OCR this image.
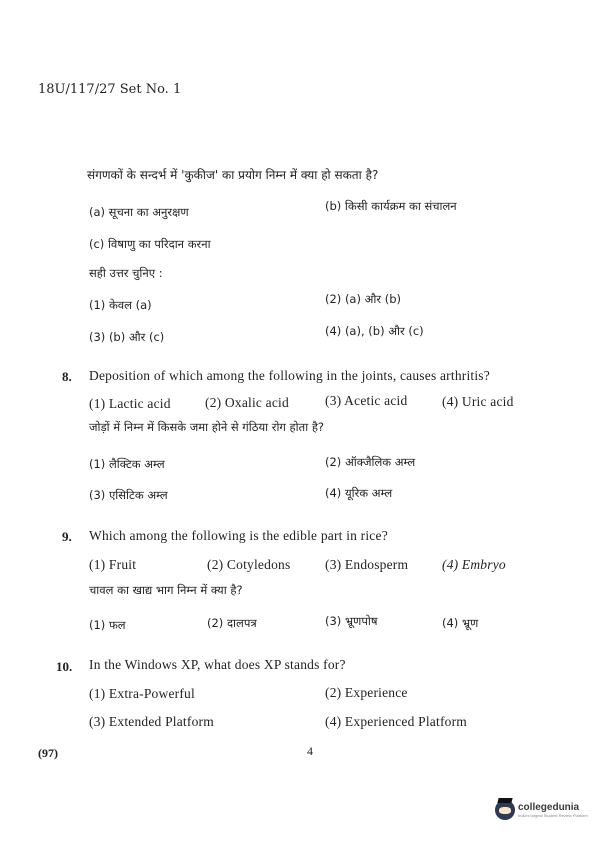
18U/117/27 Set No. 1
संगणकों के सन्दर्भ में 'कुकीज' का प्रयोग निम्न में क्या हो सकता है?
(a) सूचना का अनुरक्षण	(b) किसी कार्यक्रम का संचालन
(c) विषाणु का परिदान करना
सही उत्तर चुनिए :
(1) केवल (a)	(2) (a) और (b)
(3) (b) और (c)	(4) (a), (b) और (c)
8. Deposition of which among the following in the joints, causes arthritis?
(1) Lactic acid	(2) Oxalic acid	(3) Acetic acid	(4) Uric acid
जोड़ों में निम्न में किसके जमा होने से गंठिया रोग होता है?
(1) लैक्टिक अम्ल	(2) ऑक्जैलिक अम्ल
(3) एसिटिक अम्ल	(4) यूरिक अम्ल
9. Which among the following is the edible part in rice?
(1) Fruit	(2) Cotyledons	(3) Endosperm	(4) Embryo
चावल का खाद्य भाग निम्न में क्या है?
(1) फल	(2) दालपत्र	(3) भ्रूणपोष	(4) भ्रूण
10. In the Windows XP, what does XP stands for?
(1) Extra-Powerful	(2) Experience
(3) Extended Platform	(4) Experienced Platform
(97)	4
collegedunia
India's largest Student Review Platform
